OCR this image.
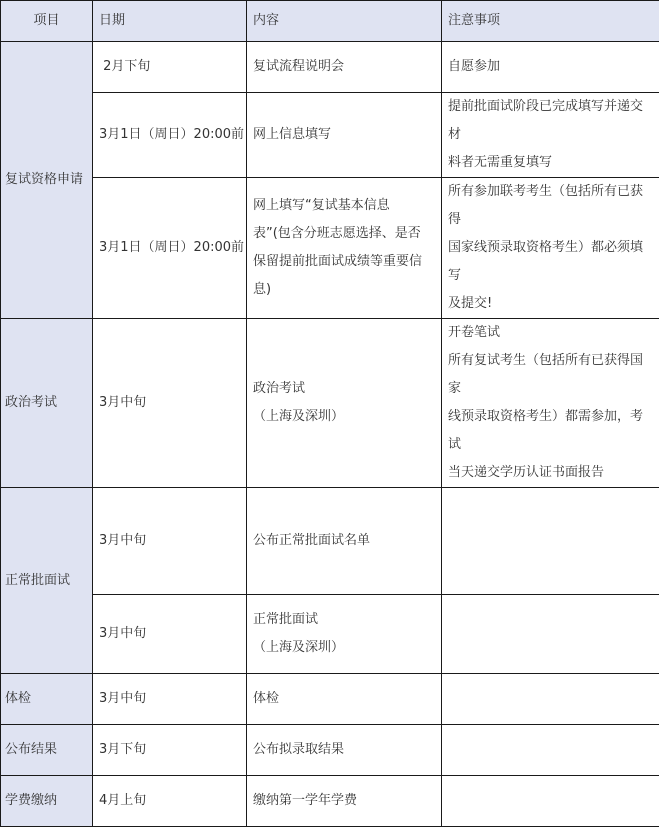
项目	日期	内容	注意事项
复试资格申请	2月下旬	复试流程说明会	自愿参加
	3月1日（周日）20:00前	网上信息填写	提前批面试阶段已完成填写并递交材
料者无需重复填写

	3月1日（周日）20:00前	网上填写“复试基本信息
表”(包含分班志愿选择、是否
保留提前批面试成绩等重要信
息)	所有参加联考考生（包括所有已获得
国家线预录取资格考生）都必须填写
及提交!

政治考试	3月中旬	政治考试
（上海及深圳）	开卷笔试
所有复试考生（包括所有已获得国家
线预录取资格考生）都需参加，考试
当天递交学历认证书面报告

正常批面试	3月中旬	公布正常批面试名单	
	3月中旬	正常批面试
（上海及深圳）	

体检	3月中旬	体检	
公布结果	3月下旬	公布拟录取结果	
学费缴纳	4月上旬	缴纳第一学年学费	
